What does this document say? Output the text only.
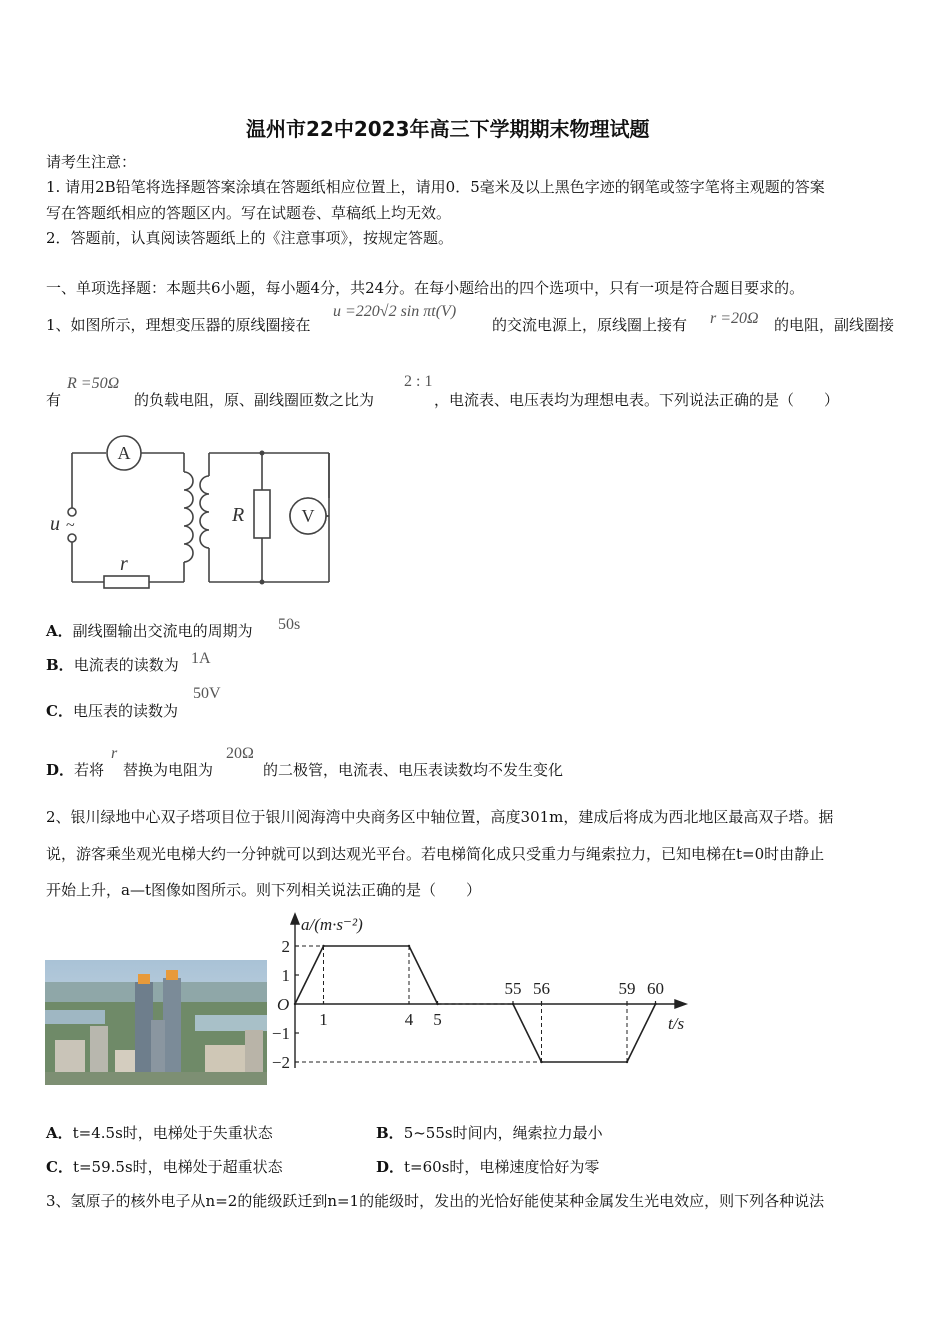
温州市22中2023年高三下学期期末物理试题
请考生注意：
1. 请用2B铅笔将选择题答案涂填在答题纸相应位置上，请用0．5毫米及以上黑色字迹的钢笔或签字笔将主观题的答案
写在答题纸相应的答题区内。写在试题卷、草稿纸上均无效。
2．答题前，认真阅读答题纸上的《注意事项》，按规定答题。
一、单项选择题：本题共6小题，每小题4分，共24分。在每小题给出的四个选项中，只有一项是符合题目要求的。
1、如图所示，理想变压器的原线圈接在
u =220√2 sin πt(V)
的交流电源上，原线圈上接有 r =20Ω 的电阻，副线圈接
有
R =50Ω
的负载电阻，原、副线圈匝数之比为
2 : 1
，电流表、电压表均为理想电表。下列说法正确的是（　　）
A
V
u ~
r
R
A．副线圈输出交流电的周期为 50s
B．电流表的读数为 1A
C．电压表的读数为
50V
D．若将
r
替换为电阻为
20Ω
的二极管，电流表、电压表读数均不发生变化
2、银川绿地中心双子塔项目位于银川阅海湾中央商务区中轴位置，高度301m，建成后将成为西北地区最高双子塔。据
说，游客乘坐观光电梯大约一分钟就可以到达观光平台。若电梯简化成只受重力与绳索拉力，已知电梯在t=0时由静止
开始上升，a—t图像如图所示。则下列相关说法正确的是（　　）
1	4 5
55 56	59 60
2
1
−1
−2
a/(m·s⁻²)
t/s
O
A．t=4.5s时，电梯处于失重状态	B．5~55s时间内，绳索拉力最小
C．t=59.5s时，电梯处于超重状态	D．t=60s时，电梯速度恰好为零
3、氢原子的核外电子从n=2的能级跃迁到n=1的能级时，发出的光恰好能使某种金属发生光电效应，则下列各种说法
